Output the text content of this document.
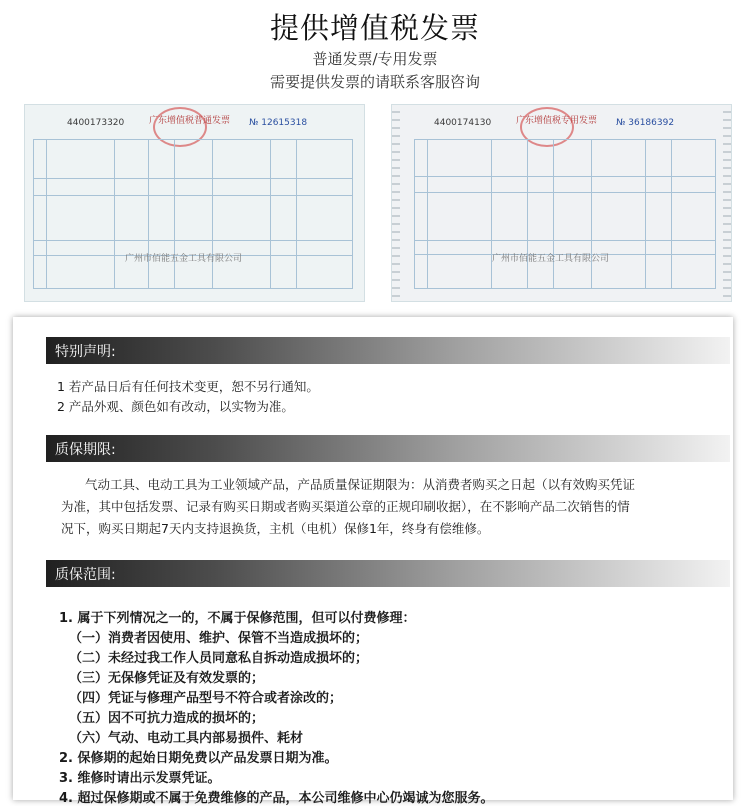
提供增值税发票
普通发票/专用发票
需要提供发票的请联系客服咨询
4400173320	广东增值税普通发票 № 12615318
广州市佰能五金工具有限公司
4400174130	广东增值税专用发票 № 36186392
广州市佰能五金工具有限公司
特别声明:
1 若产品日后有任何技术变更，恕不另行通知。
2 产品外观、颜色如有改动，以实物为准。
质保期限:
气动工具、电动工具为工业领域产品，产品质量保证期限为：从消费者购买之日起（以有效购买凭证
为准，其中包括发票、记录有购买日期或者购买渠道公章的正规印刷收据），在不影响产品二次销售的情
况下，购买日期起7天内支持退换货，主机（电机）保修1年，终身有偿维修。
质保范围:
1. 属于下列情况之一的，不属于保修范围，但可以付费修理：
（一）消费者因使用、维护、保管不当造成损坏的；
（二）未经过我工作人员同意私自拆动造成损坏的；
（三）无保修凭证及有效发票的；
（四）凭证与修理产品型号不符合或者涂改的；
（五）因不可抗力造成的损坏的；
（六）气动、电动工具内部易损件、耗材
2. 保修期的起始日期免费以产品发票日期为准。
3. 维修时请出示发票凭证。
4. 超过保修期或不属于免费维修的产品，本公司维修中心仍竭诚为您服务。
